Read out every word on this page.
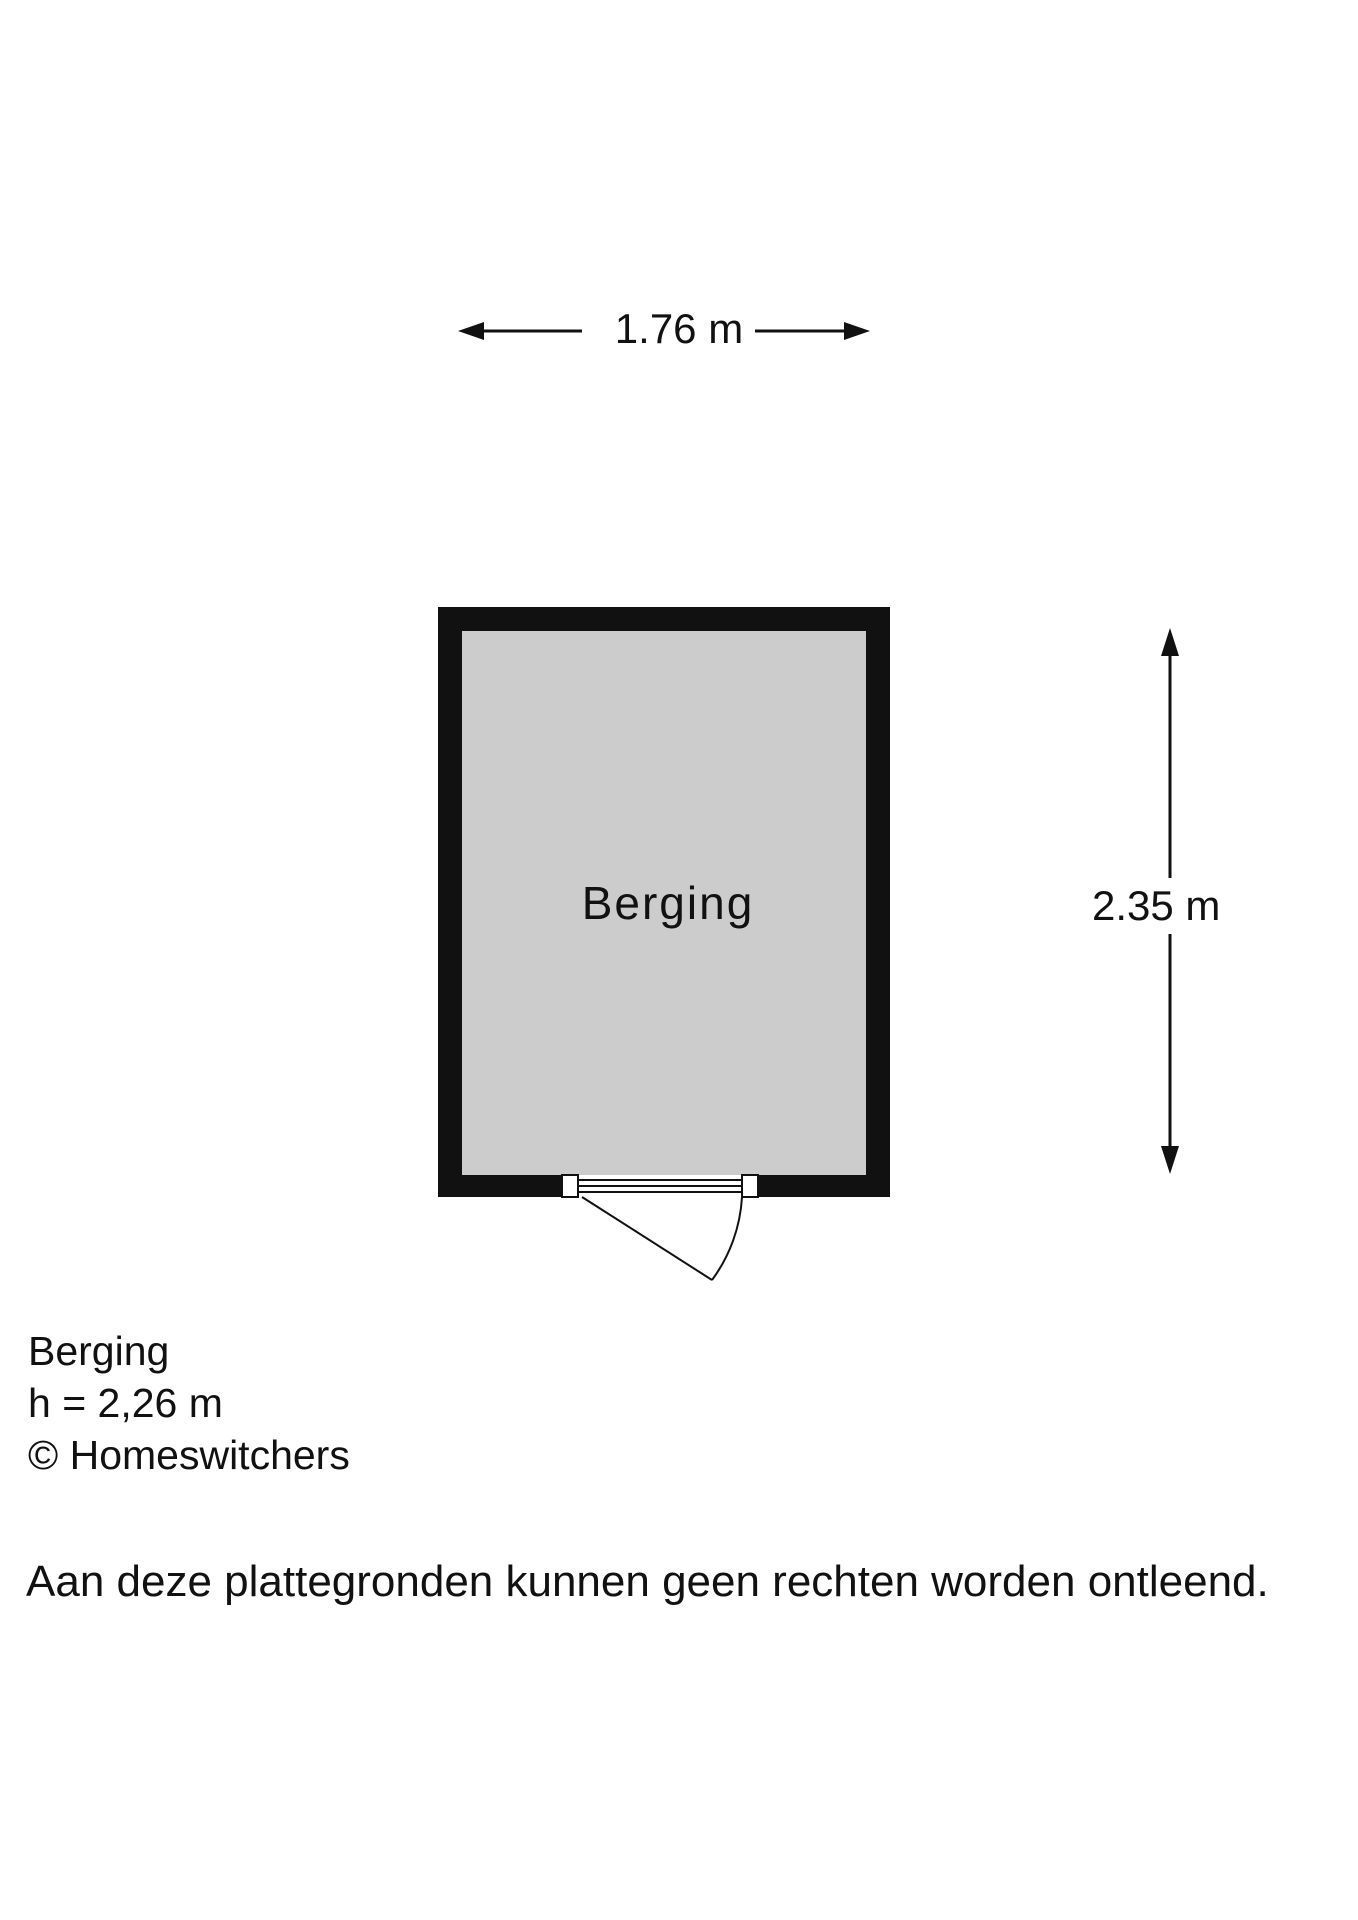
1.76 m
2.35 m
Berging
Berging
h = 2,26 m
© Homeswitchers
Aan deze plattegronden kunnen geen rechten worden ontleend.
